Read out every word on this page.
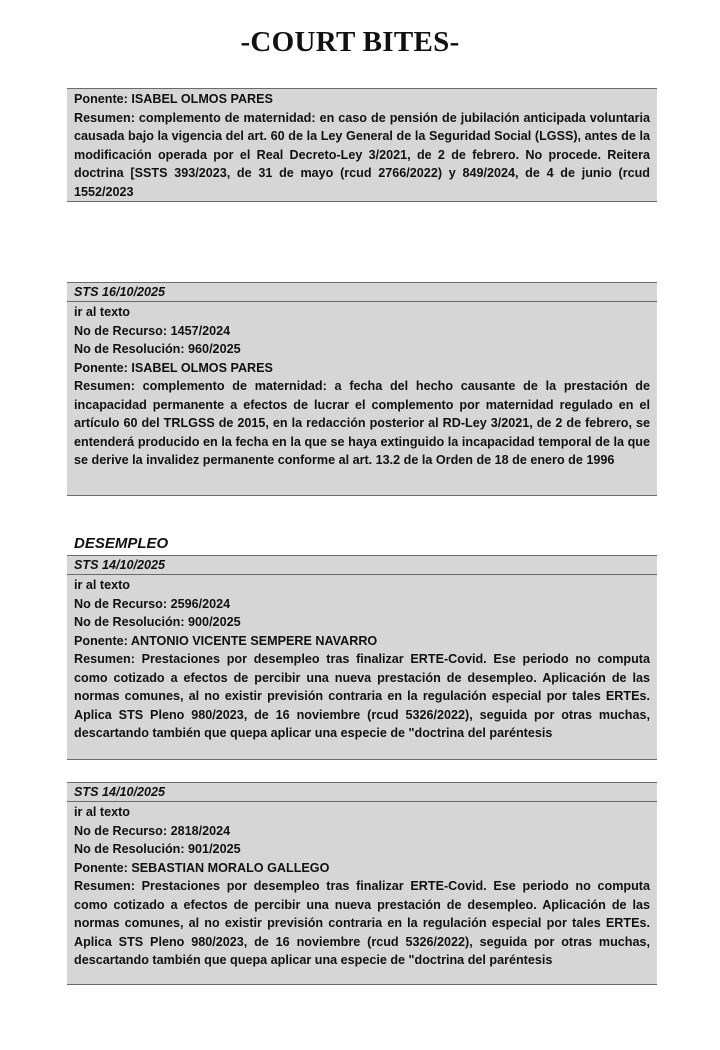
-COURT BITES-

Ponente: ISABEL OLMOS PARES

Resumen: complemento de maternidad: en caso de pensión de jubilación anticipada voluntaria causada bajo la vigencia del art. 60 de la Ley General de la Seguridad Social (LGSS), antes de la modificación operada por el Real Decreto-Ley 3/2021, de 2 de febrero. No procede. Reitera doctrina [SSTS 393/2023, de 31 de mayo (rcud 2766/2022) y 849/2024, de 4 de junio (rcud 1552/2023

STS 16/10/2025

ir al texto

No de Recurso: 1457/2024

No de Resolución: 960/2025

Ponente: ISABEL OLMOS PARES

Resumen: complemento de maternidad: a fecha del hecho causante de la prestación de incapacidad permanente a efectos de lucrar el complemento por maternidad regulado en el artículo 60 del TRLGSS de 2015, en la redacción posterior al RD-Ley 3/2021, de 2 de febrero, se entenderá producido en la fecha en la que se haya extinguido la incapacidad temporal de la que se derive la invalidez permanente conforme al art. 13.2 de la Orden de 18 de enero de 1996

DESEMPLEO
STS 14/10/2025

ir al texto

No de Recurso: 2596/2024

No de Resolución: 900/2025

Ponente: ANTONIO VICENTE SEMPERE NAVARRO

Resumen: Prestaciones por desempleo tras finalizar ERTE-Covid. Ese periodo no computa como cotizado a efectos de percibir una nueva prestación de desempleo. Aplicación de las normas comunes, al no existir previsión contraria en la regulación especial por tales ERTEs. Aplica STS Pleno 980/2023, de 16 noviembre (rcud 5326/2022), seguida por otras muchas, descartando también que quepa aplicar una especie de "doctrina del paréntesis

STS 14/10/2025

ir al texto

No de Recurso: 2818/2024

No de Resolución: 901/2025

Ponente: SEBASTIAN MORALO GALLEGO

Resumen: Prestaciones por desempleo tras finalizar ERTE-Covid. Ese periodo no computa como cotizado a efectos de percibir una nueva prestación de desempleo. Aplicación de las normas comunes, al no existir previsión contraria en la regulación especial por tales ERTEs. Aplica STS Pleno 980/2023, de 16 noviembre (rcud 5326/2022), seguida por otras muchas, descartando también que quepa aplicar una especie de "doctrina del paréntesis
